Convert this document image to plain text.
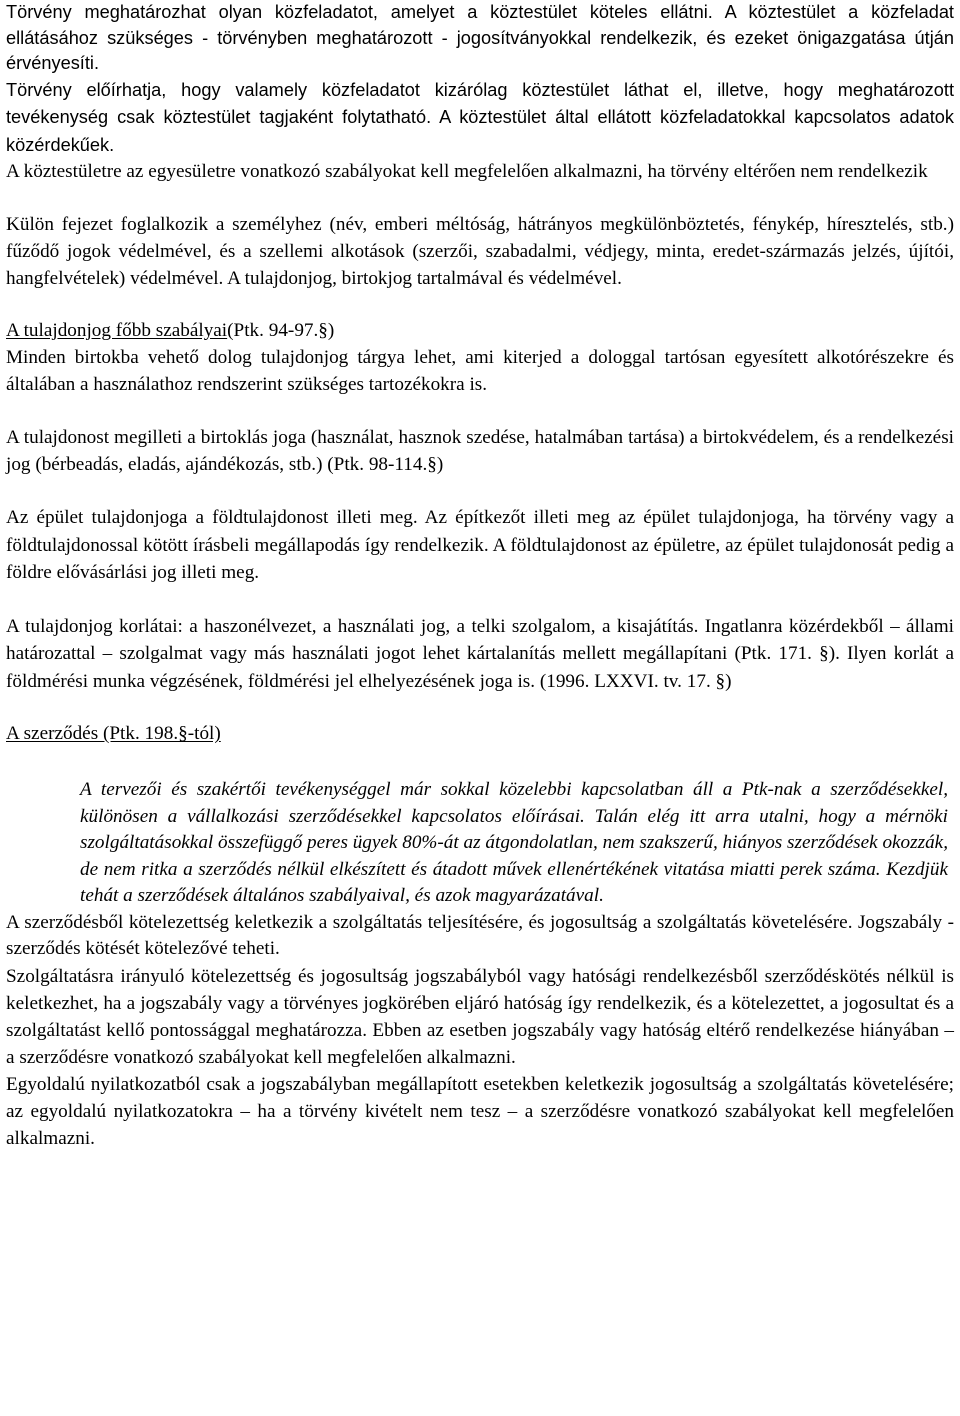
Törvény meghatározhat olyan közfeladatot, amelyet a köztestület köteles ellátni. A köztestület a közfeladat ellátásához szükséges - törvényben meghatározott - jogosítványokkal rendelkezik, és ezeket önigazgatása útján érvényesíti.

Törvény előírhatja, hogy valamely közfeladatot kizárólag köztestület láthat el, illetve, hogy meghatározott tevékenység csak köztestület tagjaként folytatható. A köztestület által ellátott közfeladatokkal kapcsolatos adatok közérdekűek.

A köztestületre az egyesületre vonatkozó szabályokat kell megfelelően alkalmazni, ha törvény eltérően nem rendelkezik

Külön fejezet foglalkozik a személyhez (név, emberi méltóság, hátrányos megkülönböztetés, fénykép, híresztelés, stb.) fűződő jogok védelmével, és a szellemi alkotások (szerzői, szabadalmi, védjegy, minta, eredet-származás jelzés, újítói, hangfelvételek) védelmével. A tulajdonjog, birtokjog tartalmával és védelmével.

A tulajdonjog főbb szabályai(Ptk. 94-97.§)

Minden birtokba vehető dolog tulajdonjog tárgya lehet, ami kiterjed a dologgal tartósan egyesített alkotórészekre és általában a használathoz rendszerint szükséges tartozékokra is.

A tulajdonost megilleti a birtoklás joga (használat, hasznok szedése, hatalmában tartása) a birtokvédelem, és a rendelkezési jog (bérbeadás, eladás, ajándékozás, stb.) (Ptk. 98-114.§)

Az épület tulajdonjoga a földtulajdonost illeti meg. Az építkezőt illeti meg az épület tulajdonjoga, ha törvény vagy a földtulajdonossal kötött írásbeli megállapodás így rendelkezik. A földtulajdonost az épületre, az épület tulajdonosát pedig a földre elővásárlási jog illeti meg.

A tulajdonjog korlátai: a haszonélvezet, a használati jog, a telki szolgalom, a kisajátítás. Ingatlanra közérdekből – állami határozattal – szolgalmat vagy más használati jogot lehet kártalanítás mellett megállapítani (Ptk. 171. §). Ilyen korlát a földmérési munka végzésének, földmérési jel elhelyezésének joga is. (1996. LXXVI. tv. 17. §)

A szerződés (Ptk. 198.§-tól)

A tervezői és szakértői tevékenységgel már sokkal közelebbi kapcsolatban áll a Ptk-nak a szerződésekkel, különösen a vállalkozási szerződésekkel kapcsolatos előírásai. Talán elég itt arra utalni, hogy a mérnöki szolgáltatásokkal összefüggő peres ügyek 80%-át az átgondolatlan, nem szakszerű, hiányos szerződések okozzák, de nem ritka a szerződés nélkül elkészített és átadott művek ellenértékének vitatása miatti perek száma. Kezdjük tehát a szerződések általános szabályaival, és azok magyarázatával.

A szerződésből kötelezettség keletkezik a szolgáltatás teljesítésére, és jogosultság a szolgáltatás követelésére. Jogszabály - szerződés kötését kötelezővé teheti.

Szolgáltatásra irányuló kötelezettség és jogosultság jogszabályból vagy hatósági rendelkezésből szerződéskötés nélkül is keletkezhet, ha a jogszabály vagy a törvényes jogkörében eljáró hatóság így rendelkezik, és a kötelezettet, a jogosultat és a szolgáltatást kellő pontossággal meghatározza. Ebben az esetben jogszabály vagy hatóság eltérő rendelkezése hiányában – a szerződésre vonatkozó szabályokat kell megfelelően alkalmazni.

Egyoldalú nyilatkozatból csak a jogszabályban megállapított esetekben keletkezik jogosultság a szolgáltatás követelésére; az egyoldalú nyilatkozatokra – ha a törvény kivételt nem tesz – a szerződésre vonatkozó szabályokat kell megfelelően alkalmazni.
